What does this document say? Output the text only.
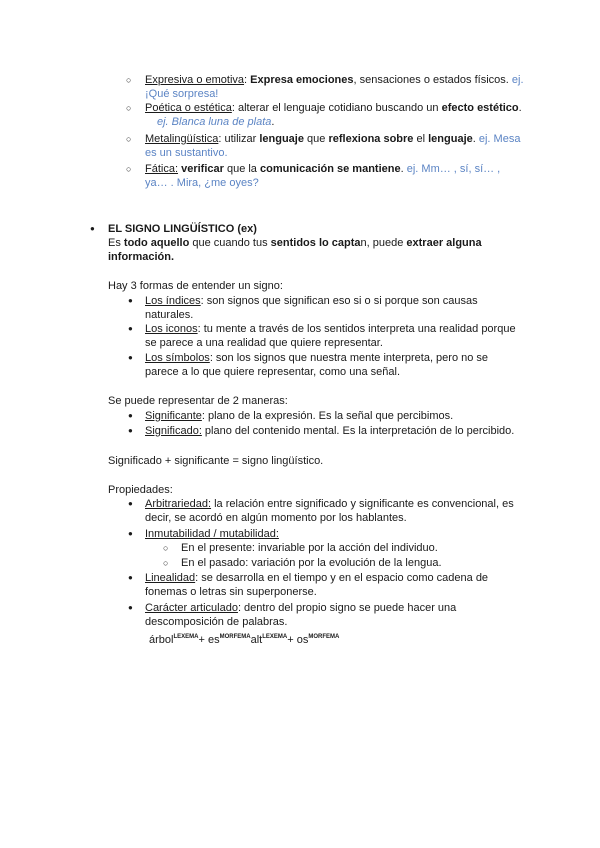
○ Expresiva o emotiva: Expresa emociones, sensaciones o estados físicos. ej.
¡Qué sorpresa!
○ Poética o estética: alterar el lenguaje cotidiano buscando un efecto estético.
ej. Blanca luna de plata.
○ Metalingüística: utilizar lenguaje que reflexiona sobre el lenguaje. ej. Mesa
es un sustantivo.
○ Fática: verificar que la comunicación se mantiene. ej. Mm… , sí, sí… ,
ya… . Mira, ¿me oyes?
● EL SIGNO LINGÜÍSTICO (ex)
Es todo aquello que cuando tus sentidos lo captan, puede extraer alguna
información.
Hay 3 formas de entender un signo:
● Los índices: son signos que significan eso si o si porque son causas
naturales.
● Los iconos: tu mente a través de los sentidos interpreta una realidad porque
se parece a una realidad que quiere representar.
● Los símbolos: son los signos que nuestra mente interpreta, pero no se
parece a lo que quiere representar, como una señal.
Se puede representar de 2 maneras:
● Significante: plano de la expresión. Es la señal que percibimos.
● Significado: plano del contenido mental. Es la interpretación de lo percibido.
Significado + significante = signo lingüístico.
Propiedades:
● Arbitrariedad: la relación entre significado y significante es convencional, es
decir, se acordó en algún momento por los hablantes.
● Inmutabilidad / mutabilidad:
○ En el presente: invariable por la acción del individuo.
○ En el pasado: variación por la evolución de la lengua.
● Linealidad: se desarrolla en el tiempo y en el espacio como cadena de
fonemas o letras sin superponerse.
● Carácter articulado: dentro del propio signo se puede hacer una
descomposición de palabras.
árbol$^{LEXEMA}$+ $es^{MORFEMA}alt^{LEXEMA}+ os^{MORFEMA}$
